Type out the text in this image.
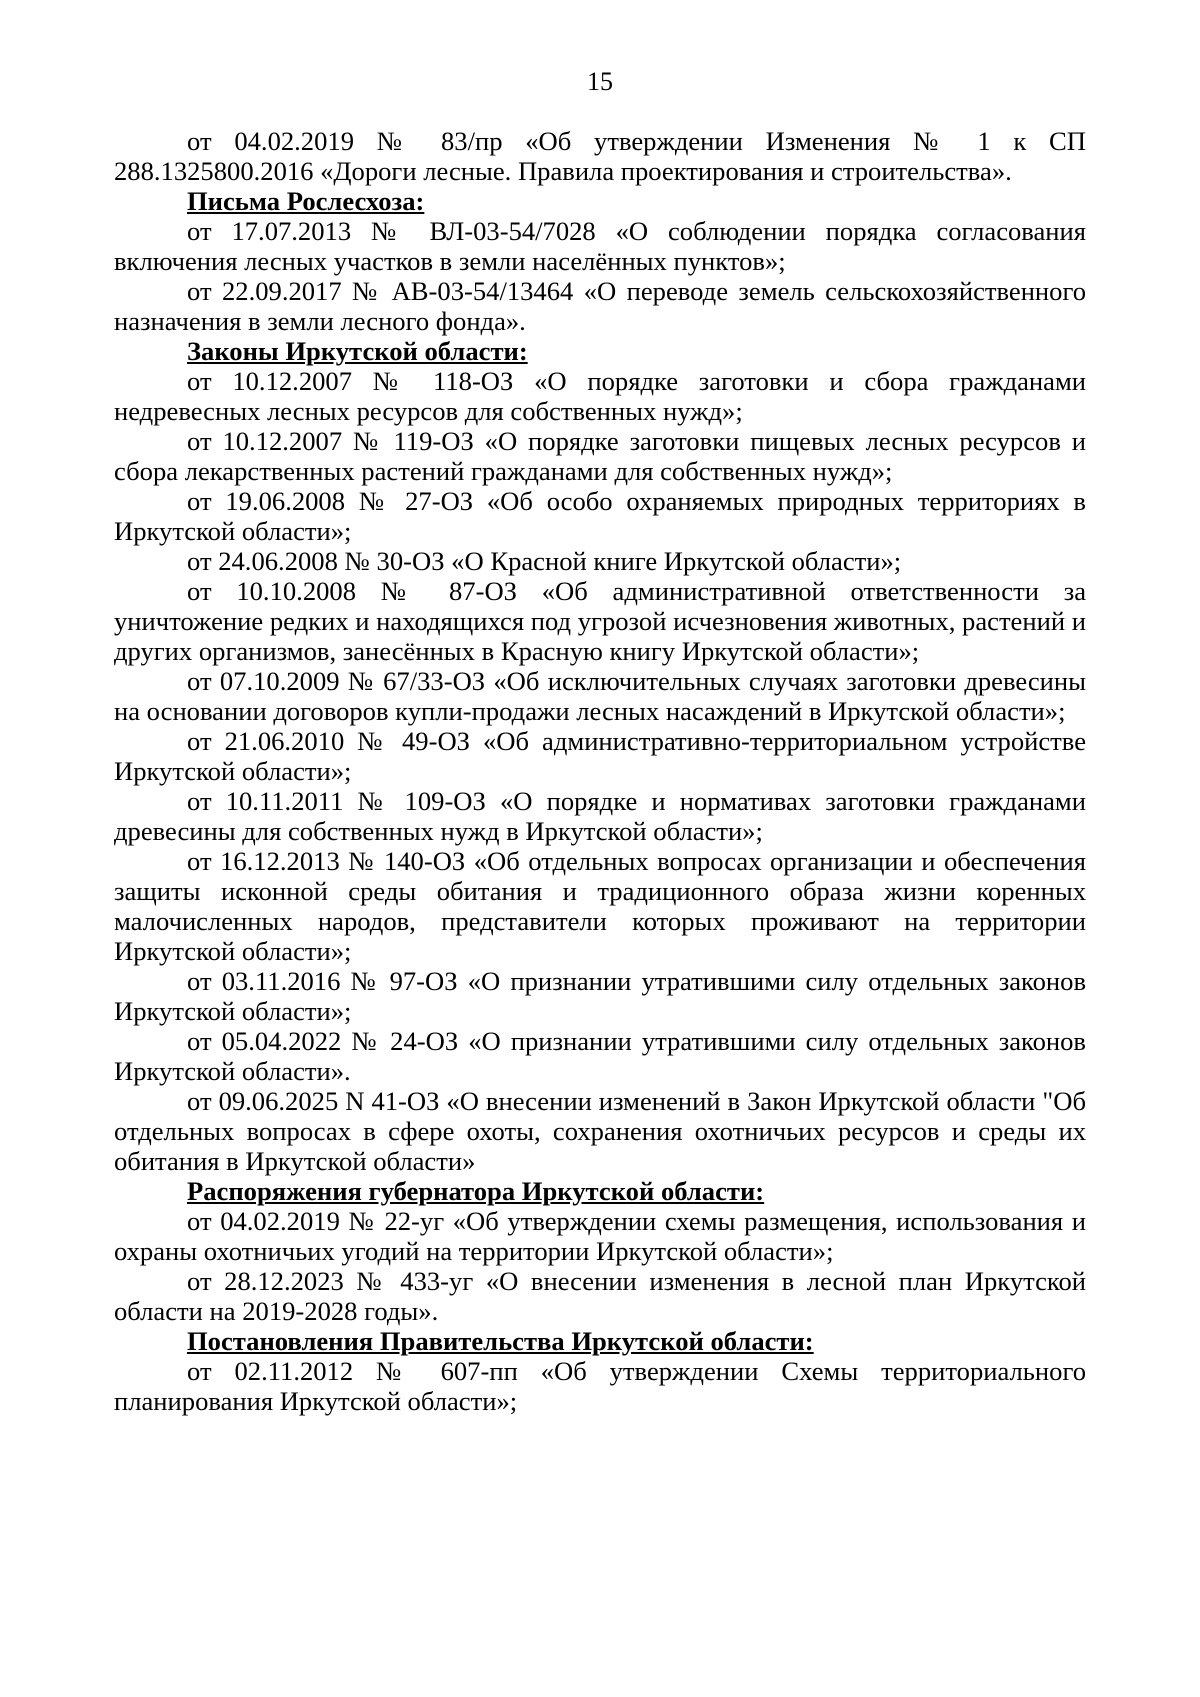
15

от 04.02.2019 № 83/пр «Об утверждении Изменения № 1 к СП 288.1325800.2016 «Дороги лесные. Правила проектирования и строительства».

Письма Рослесхоза:

от 17.07.2013 № ВЛ-03-54/7028 «О соблюдении порядка согласования включения лесных участков в земли населённых пунктов»;

от 22.09.2017 № АВ-03-54/13464 «О переводе земель сельскохозяйственного назначения в земли лесного фонда».

Законы Иркутской области:

от 10.12.2007 № 118-ОЗ «О порядке заготовки и сбора гражданами недревесных лесных ресурсов для собственных нужд»;

от 10.12.2007 № 119-ОЗ «О порядке заготовки пищевых лесных ресурсов и сбора лекарственных растений гражданами для собственных нужд»;

от 19.06.2008 № 27-ОЗ «Об особо охраняемых природных территориях в Иркутской области»;

от 24.06.2008 № 30-ОЗ «О Красной книге Иркутской области»;

от 10.10.2008 № 87-ОЗ «Об административной ответственности за уничтожение редких и находящихся под угрозой исчезновения животных, растений и других организмов, занесённых в Красную книгу Иркутской области»;

от 07.10.2009 № 67/33-ОЗ «Об исключительных случаях заготовки древесины на основании договоров купли-продажи лесных насаждений в Иркутской области»;

от 21.06.2010 № 49-ОЗ «Об административно-территориальном устройстве Иркутской области»;

от 10.11.2011 № 109-ОЗ «О порядке и нормативах заготовки гражданами древесины для собственных нужд в Иркутской области»;

от 16.12.2013 № 140-ОЗ «Об отдельных вопросах организации и обеспечения защиты исконной среды обитания и традиционного образа жизни коренных малочисленных народов, представители которых проживают на территории Иркутской области»;

от 03.11.2016 № 97-ОЗ «О признании утратившими силу отдельных законов Иркутской области»;

от 05.04.2022 № 24-ОЗ «О признании утратившими силу отдельных законов Иркутской области».

от 09.06.2025 N 41-ОЗ «О внесении изменений в Закон Иркутской области "Об отдельных вопросах в сфере охоты, сохранения охотничьих ресурсов и среды их обитания в Иркутской области»

Распоряжения губернатора Иркутской области:

от 04.02.2019 № 22-уг «Об утверждении схемы размещения, использования и охраны охотничьих угодий на территории Иркутской области»;

от 28.12.2023 № 433-уг «О внесении изменения в лесной план Иркутской области на 2019-2028 годы».

Постановления Правительства Иркутской области:

от 02.11.2012 № 607-пп «Об утверждении Схемы территориального планирования Иркутской области»;
